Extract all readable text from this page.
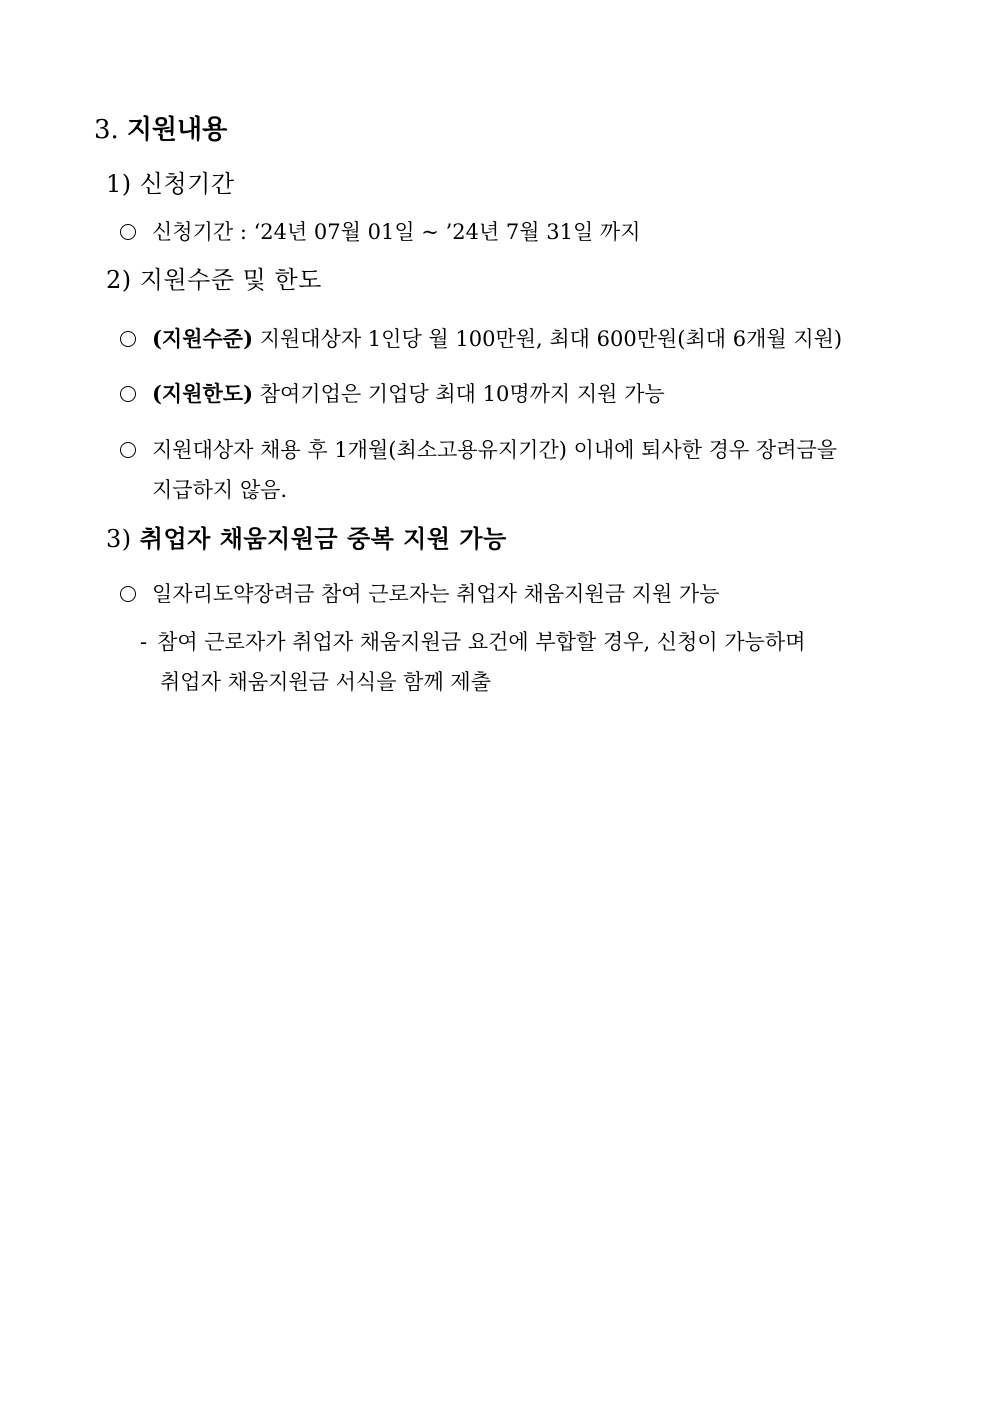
3. 지원내용
1) 신청기간
신청기간 : ‘24년 07월 01일 ~ ’24년 7월 31일 까지
2) 지원수준 및 한도
(지원수준) 지원대상자 1인당 월 100만원, 최대 600만원(최대 6개월 지원)
(지원한도) 참여기업은 기업당 최대 10명까지 지원 가능
지원대상자 채용 후 1개월(최소고용유지기간) 이내에 퇴사한 경우 장려금을
지급하지 않음.
3) 취업자 채움지원금 중복 지원 가능
일자리도약장려금 참여 근로자는 취업자 채움지원금 지원 가능
- 참여 근로자가 취업자 채움지원금 요건에 부합할 경우, 신청이 가능하며
취업자 채움지원금 서식을 함께 제출
